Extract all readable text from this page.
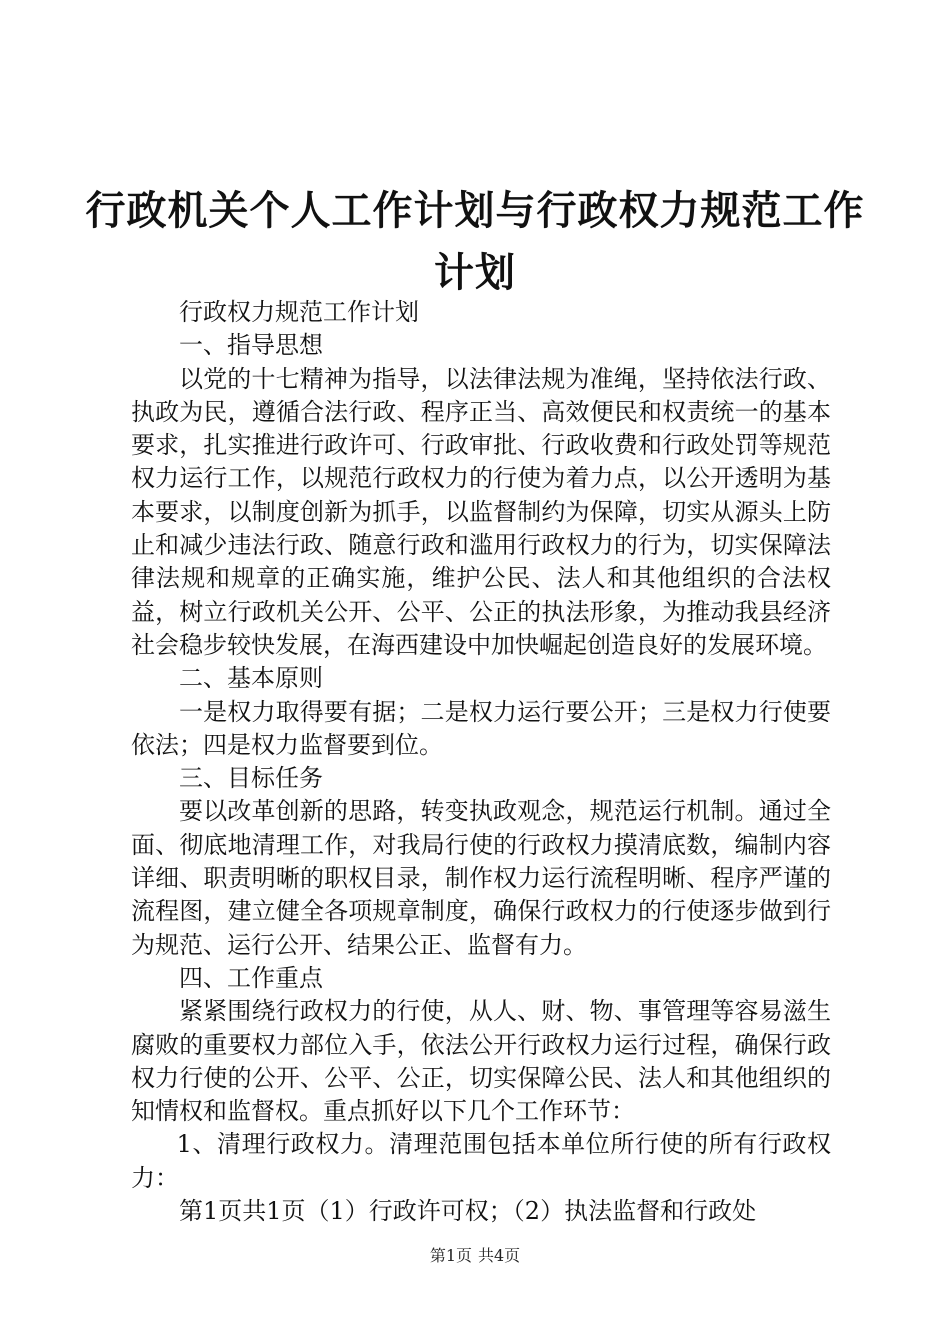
行政机关个人工作计划与行政权力规范工作计划

行政权力规范工作计划

一、指导思想

以党的十七精神为指导，以法律法规为准绳，坚持依法行政、执政为民，遵循合法行政、程序正当、高效便民和权责统一的基本要求，扎实推进行政许可、行政审批、行政收费和行政处罚等规范权力运行工作，以规范行政权力的行使为着力点，以公开透明为基本要求，以制度创新为抓手，以监督制约为保障，切实从源头上防止和减少违法行政、随意行政和滥用行政权力的行为，切实保障法律法规和规章的正确实施，维护公民、法人和其他组织的合法权益，树立行政机关公开、公平、公正的执法形象，为推动我县经济社会稳步较快发展，在海西建设中加快崛起创造良好的发展环境。

二、基本原则

一是权力取得要有据；二是权力运行要公开；三是权力行使要依法；四是权力监督要到位。

三、目标任务

要以改革创新的思路，转变执政观念，规范运行机制。通过全面、彻底地清理工作，对我局行使的行政权力摸清底数，编制内容详细、职责明晰的职权目录，制作权力运行流程明晰、程序严谨的流程图，建立健全各项规章制度，确保行政权力的行使逐步做到行为规范、运行公开、结果公正、监督有力。

四、工作重点

紧紧围绕行政权力的行使，从人、财、物、事管理等容易滋生腐败的重要权力部位入手，依法公开行政权力运行过程，确保行政权力行使的公开、公平、公正，切实保障公民、法人和其他组织的知情权和监督权。重点抓好以下几个工作环节：

1、清理行政权力。清理范围包括本单位所行使的所有行政权力：

第1页共1页（1）行政许可权；（2）执法监督和行政处

第1页 共4页
